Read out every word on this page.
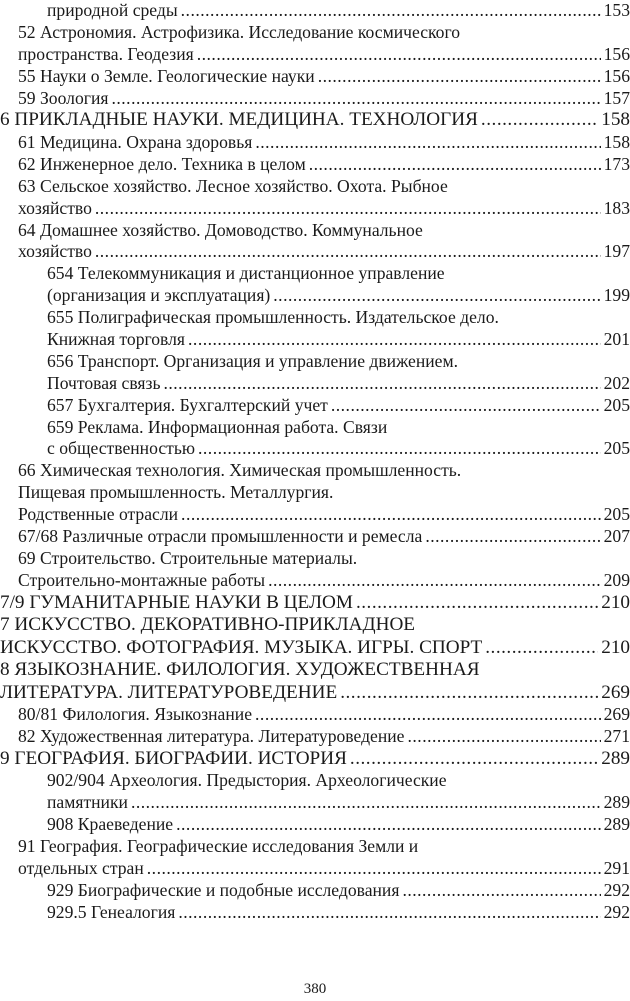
природной среды .....	153
52 Астрономия. Астрофизика. Исследование космического
пространства. Геодезия .....	156
55 Науки о Земле. Геологические науки .....	156
59 Зоология .....	157
6 ПРИКЛАДНЫЕ НАУКИ. МЕДИЦИНА. ТЕХНОЛОГИЯ .....	158
61 Медицина. Охрана здоровья .....	158
62 Инженерное дело. Техника в целом .....	173
63 Сельское хозяйство. Лесное хозяйство. Охота. Рыбное
хозяйство .....	183
64 Домашнее хозяйство. Домоводство. Коммунальное
хозяйство .....	197
654 Телекоммуникация и дистанционное управление
(организация и эксплуатация) .....	199
655 Полиграфическая промышленность. Издательское дело.
Книжная торговля .....	201
656 Транспорт. Организация и управление движением.
Почтовая связь .....	202
657 Бухгалтерия. Бухгалтерский учет .....	205
659 Реклама. Информационная работа. Связи
с общественностью .....	205
66 Химическая технология. Химическая промышленность.
Пищевая промышленность. Металлургия.
Родственные отрасли .....	205
67/68 Различные отрасли промышленности и ремесла .....	207
69 Строительство. Строительные материалы.
Строительно-монтажные работы .....	209
7/9 ГУМАНИТАРНЫЕ НАУКИ В ЦЕЛОМ .....	210
7 ИСКУССТВО. ДЕКОРАТИВНО-ПРИКЛАДНОЕ
ИСКУССТВО. ФОТОГРАФИЯ. МУЗЫКА. ИГРЫ. СПОРТ .....	210
8 ЯЗЫКОЗНАНИЕ. ФИЛОЛОГИЯ. ХУДОЖЕСТВЕННАЯ
ЛИТЕРАТУРА. ЛИТЕРАТУРОВЕДЕНИЕ .....	269
80/81 Филология. Языкознание .....	269
82 Художественная литература. Литературоведение .....	271
9 ГЕОГРАФИЯ. БИОГРАФИИ. ИСТОРИЯ .....	289
902/904 Археология. Предыстория. Археологические
памятники .....	289
908 Краеведение .....	289
91 География. Географические исследования Земли и
отдельных стран .....	291
929 Биографические и подобные исследования .....	292
929.5 Генеалогия .....	292
380
